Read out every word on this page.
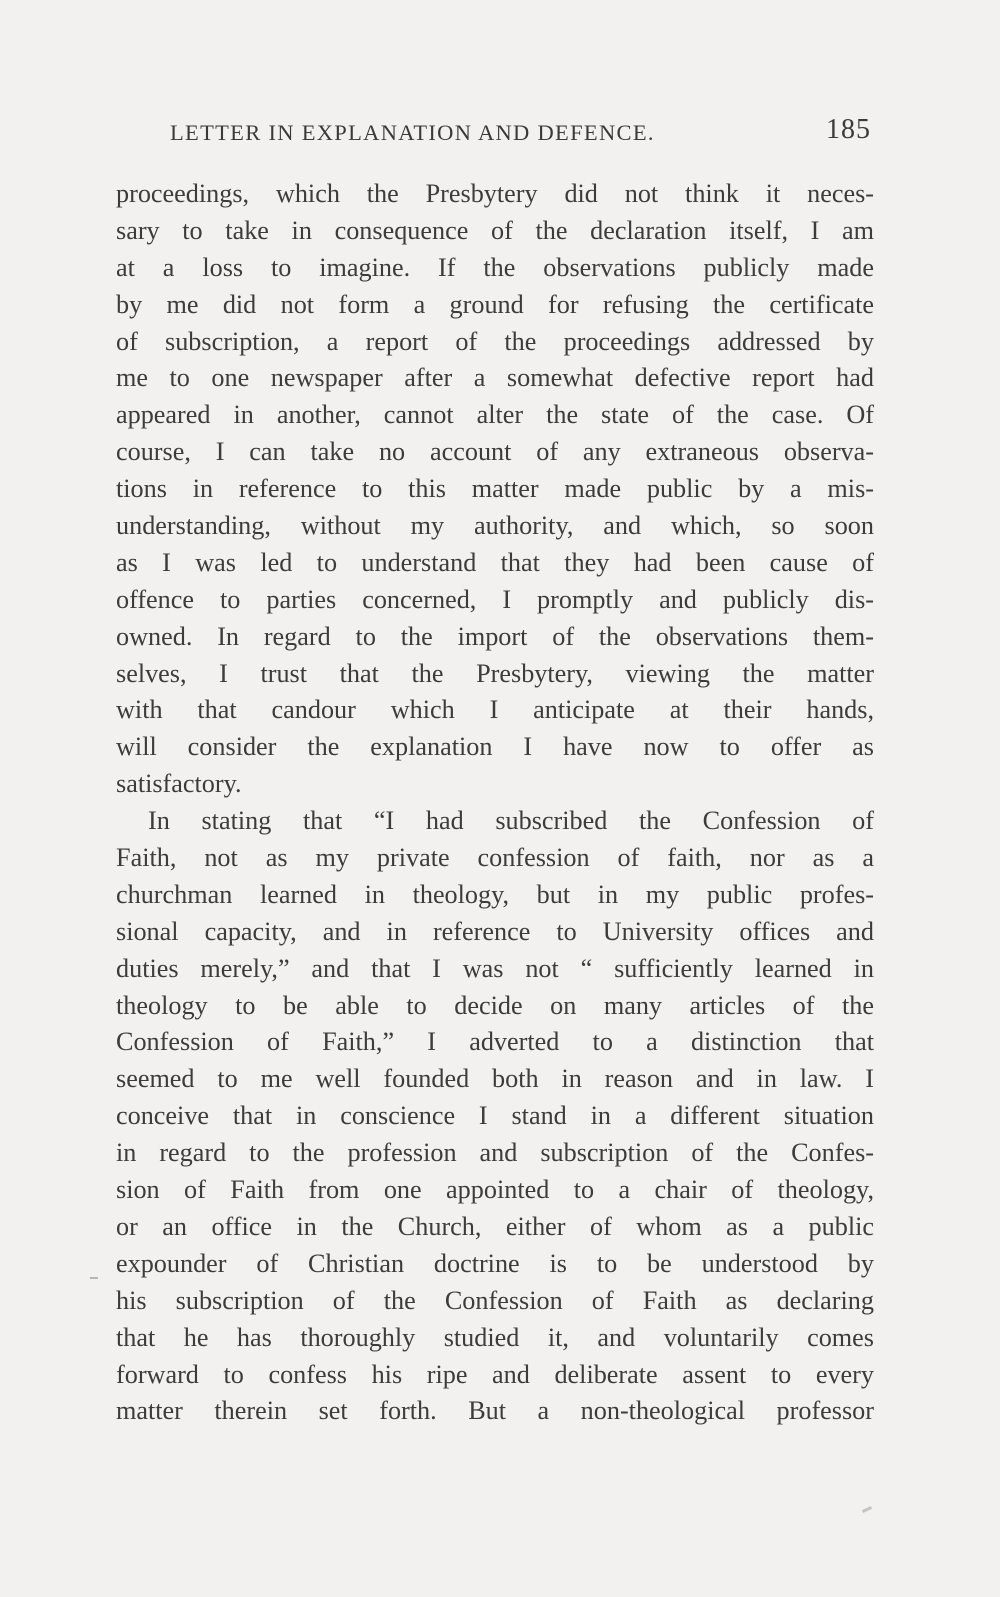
LETTER IN EXPLANATION AND DEFENCE.	185
proceedings, which the Presbytery did not think it neces-
sary to take in consequence of the declaration itself, I am
at a loss to imagine. If the observations publicly made
by me did not form a ground for refusing the certificate
of subscription, a report of the proceedings addressed by
me to one newspaper after a somewhat defective report had
appeared in another, cannot alter the state of the case. Of
course, I can take no account of any extraneous observa-
tions in reference to this matter made public by a mis-
understanding, without my authority, and which, so soon
as I was led to understand that they had been cause of
offence to parties concerned, I promptly and publicly dis-
owned. In regard to the import of the observations them-
selves, I trust that the Presbytery, viewing the matter
with that candour which I anticipate at their hands,
will consider the explanation I have now to offer as
satisfactory.
In stating that “I had subscribed the Confession of
Faith, not as my private confession of faith, nor as a
churchman learned in theology, but in my public profes-
sional capacity, and in reference to University offices and
duties merely,” and that I was not “ sufficiently learned in
theology to be able to decide on many articles of the
Confession of Faith,” I adverted to a distinction that
seemed to me well founded both in reason and in law. I
conceive that in conscience I stand in a different situation
in regard to the profession and subscription of the Confes-
sion of Faith from one appointed to a chair of theology,
or an office in the Church, either of whom as a public
expounder of Christian doctrine is to be understood by
his subscription of the Confession of Faith as declaring
that he has thoroughly studied it, and voluntarily comes
forward to confess his ripe and deliberate assent to every
matter therein set forth. But a non-theological professor
